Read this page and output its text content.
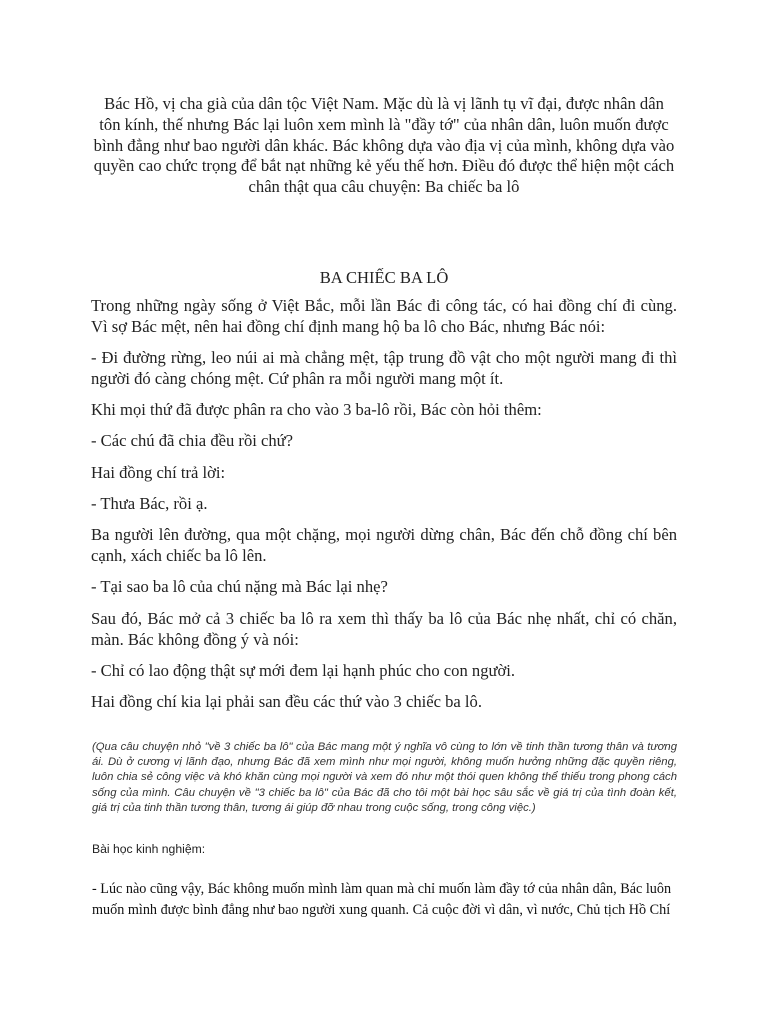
Bác Hồ, vị cha già của dân tộc Việt Nam. Mặc dù là vị lãnh tụ vĩ đại, được nhân dân tôn kính, thế nhưng Bác lại luôn xem mình là "đầy tớ" của nhân dân, luôn muốn được bình đẳng như bao người dân khác. Bác không dựa vào địa vị của mình, không dựa vào quyền cao chức trọng để bắt nạt những kẻ yếu thế hơn. Điều đó được thể hiện một cách chân thật qua câu chuyện: Ba chiếc ba lô

BA CHIẾC BA LÔ

Trong những ngày sống ở Việt Bắc, mỗi lần Bác đi công tác, có hai đồng chí đi cùng. Vì sợ Bác mệt, nên hai đồng chí định mang hộ ba lô cho Bác, nhưng Bác nói:

- Đi đường rừng, leo núi ai mà chẳng mệt, tập trung đồ vật cho một người mang đi thì người đó càng chóng mệt. Cứ phân ra mỗi người mang một ít.

Khi mọi thứ đã được phân ra cho vào 3 ba-lô rồi, Bác còn hỏi thêm:

- Các chú đã chia đều rồi chứ?

Hai đồng chí trả lời:

- Thưa Bác, rồi ạ.

Ba người lên đường, qua một chặng, mọi người dừng chân, Bác đến chỗ đồng chí bên cạnh, xách chiếc ba lô lên.

- Tại sao ba lô của chú nặng mà Bác lại nhẹ?

Sau đó, Bác mở cả 3 chiếc ba lô ra xem thì thấy ba lô của Bác nhẹ nhất, chỉ có chăn, màn. Bác không đồng ý và nói:

- Chỉ có lao động thật sự mới đem lại hạnh phúc cho con người.

Hai đồng chí kia lại phải san đều các thứ vào 3 chiếc ba lô.

(Qua câu chuyện nhỏ "về 3 chiếc ba lô" của Bác mang một ý nghĩa vô cùng to lớn về tinh thần tương thân và tương ái. Dù ở cương vị lãnh đạo, nhưng Bác đã xem mình như mọi người, không muốn hưởng những đặc quyền riêng, luôn chia sẻ công việc và khó khăn cùng mọi người và xem đó như một thói quen không thể thiếu trong phong cách sống của mình. Câu chuyện về "3 chiếc ba lô" của Bác đã cho tôi một bài học sâu sắc về giá trị của tình đoàn kết, giá trị của tinh thần tương thân, tương ái giúp đỡ nhau trong cuộc sống, trong công việc.)

Bài học kinh nghiệm:

- Lúc nào cũng vậy, Bác không muốn mình làm quan mà chỉ muốn làm đầy tớ của nhân dân, Bác luôn muốn mình được bình đẳng như bao người xung quanh. Cả cuộc đời vì dân, vì nước, Chủ tịch Hồ Chí
